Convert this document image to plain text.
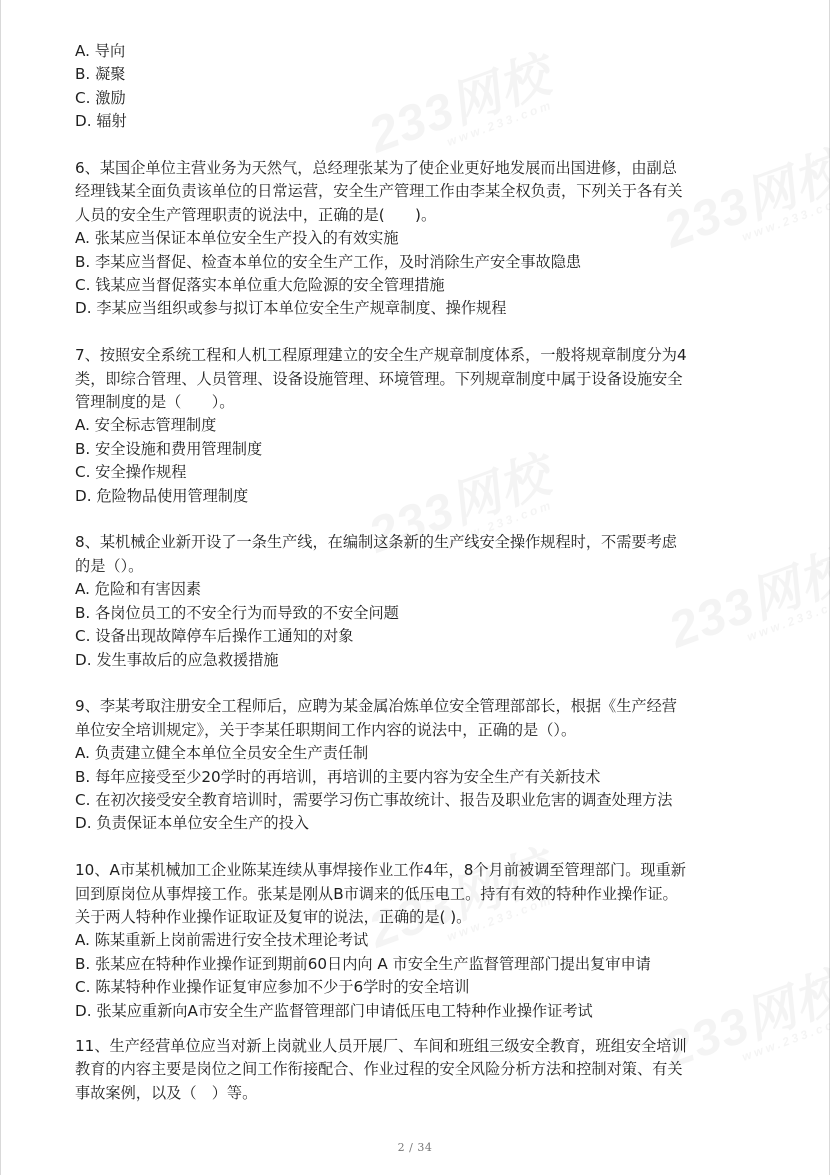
A. 导向
B. 凝聚
C. 激励
D. 辐射
6、某国企单位主营业务为天然气，总经理张某为了使企业更好地发展而出国进修，由副总
经理钱某全面负责该单位的日常运营，安全生产管理工作由李某全权负责，下列关于各有关
人员的安全生产管理职责的说法中，正确的是(　　)。
A. 张某应当保证本单位安全生产投入的有效实施
B. 李某应当督促、检查本单位的安全生产工作，及时消除生产安全事故隐患
C. 钱某应当督促落实本单位重大危险源的安全管理措施
D. 李某应当组织或参与拟订本单位安全生产规章制度、操作规程
7、按照安全系统工程和人机工程原理建立的安全生产规章制度体系，一般将规章制度分为4
类，即综合管理、人员管理、设备设施管理、环境管理。下列规章制度中属于设备设施安全
管理制度的是（　　）。
A. 安全标志管理制度
B. 安全设施和费用管理制度
C. 安全操作规程
D. 危险物品使用管理制度
8、某机械企业新开设了一条生产线，在编制这条新的生产线安全操作规程时，不需要考虑
的是（）。
A. 危险和有害因素
B. 各岗位员工的不安全行为而导致的不安全问题
C. 设备出现故障停车后操作工通知的对象
D. 发生事故后的应急救援措施
9、李某考取注册安全工程师后，应聘为某金属冶炼单位安全管理部部长，根据《生产经营
单位安全培训规定》，关于李某任职期间工作内容的说法中，正确的是（）。
A. 负责建立健全本单位全员安全生产责任制
B. 每年应接受至少20学时的再培训，再培训的主要内容为安全生产有关新技术
C. 在初次接受安全教育培训时，需要学习伤亡事故统计、报告及职业危害的调查处理方法
D. 负责保证本单位安全生产的投入
10、A市某机械加工企业陈某连续从事焊接作业工作4年，8个月前被调至管理部门。现重新
回到原岗位从事焊接工作。张某是刚从B市调来的低压电工。持有有效的特种作业操作证。
关于两人特种作业操作证取证及复审的说法，正确的是( )。
A. 陈某重新上岗前需进行安全技术理论考试
B. 张某应在特种作业操作证到期前60日内向 A 市安全生产监督管理部门提出复审申请
C. 陈某特种作业操作证复审应参加不少于6学时的安全培训
D. 张某应重新向A市安全生产监督管理部门申请低压电工特种作业操作证考试
11、生产经营单位应当对新上岗就业人员开展厂、车间和班组三级安全教育，班组安全培训
教育的内容主要是岗位之间工作衔接配合、作业过程的安全风险分析方法和控制对策、有关
事故案例，以及（　）等。
2 / 34
